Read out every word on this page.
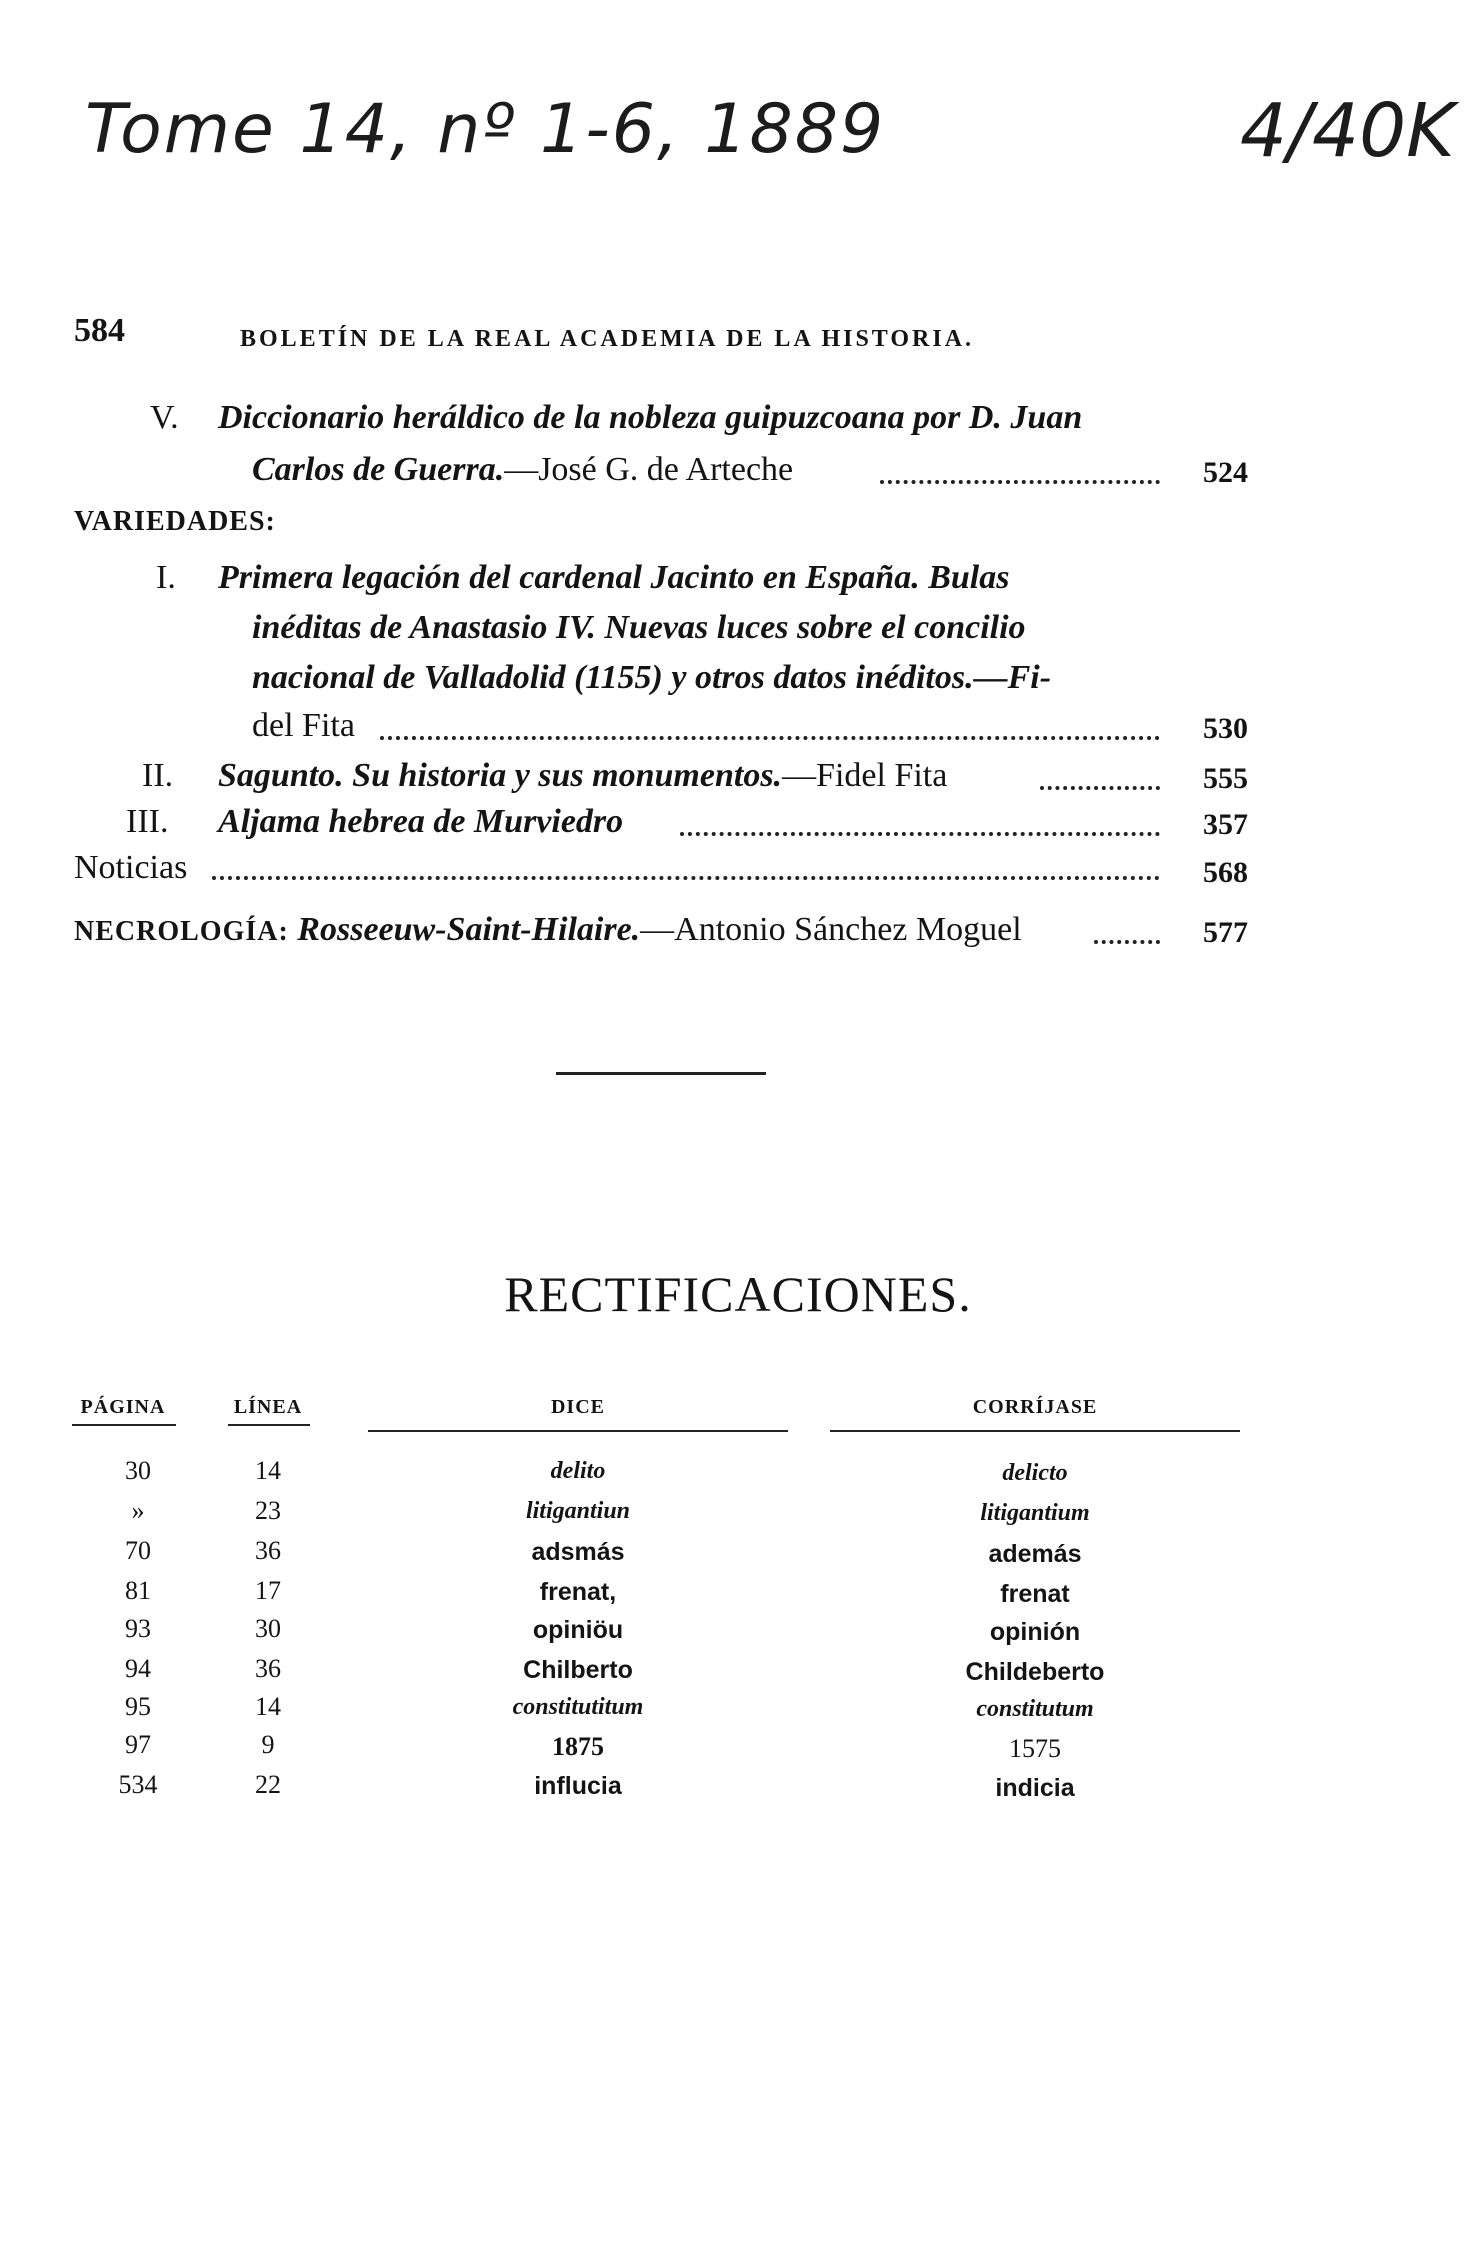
Tome 14, nº 1-6, 1889	4/40K
584	BOLETÍN DE LA REAL ACADEMIA DE LA HISTORIA.
V. Diccionario heráldico de la nobleza guipuzcoana por D. Juan
Carlos de Guerra.—José G. de Arteche	524
VARIEDADES:
I. Primera legación del cardenal Jacinto en España. Bulas
inéditas de Anastasio IV. Nuevas luces sobre el concilio
nacional de Valladolid (1155) y otros datos inéditos.—Fi-
del Fita	530
II. Sagunto. Su historia y sus monumentos.—Fidel Fita	555
III. Aljama hebrea de Murviedro	357
Noticias	568
NECROLOGÍA: Rosseeuw-Saint-Hilaire.—Antonio Sánchez Moguel	577
RECTIFICACIONES.
PÁGINA	LÍNEA	DICE	CORRÍJASE
30	14	delito	delicto
»	23	litigantiun	litigantium
70	36	adsmás	además
81	17	frenat,	frenat
93	30	opiniöu	opinión
94	36	Chilberto	Childeberto
95	14	constitutitum	constitutum
97	9	1875	1575
534	22	influcia	indicia
